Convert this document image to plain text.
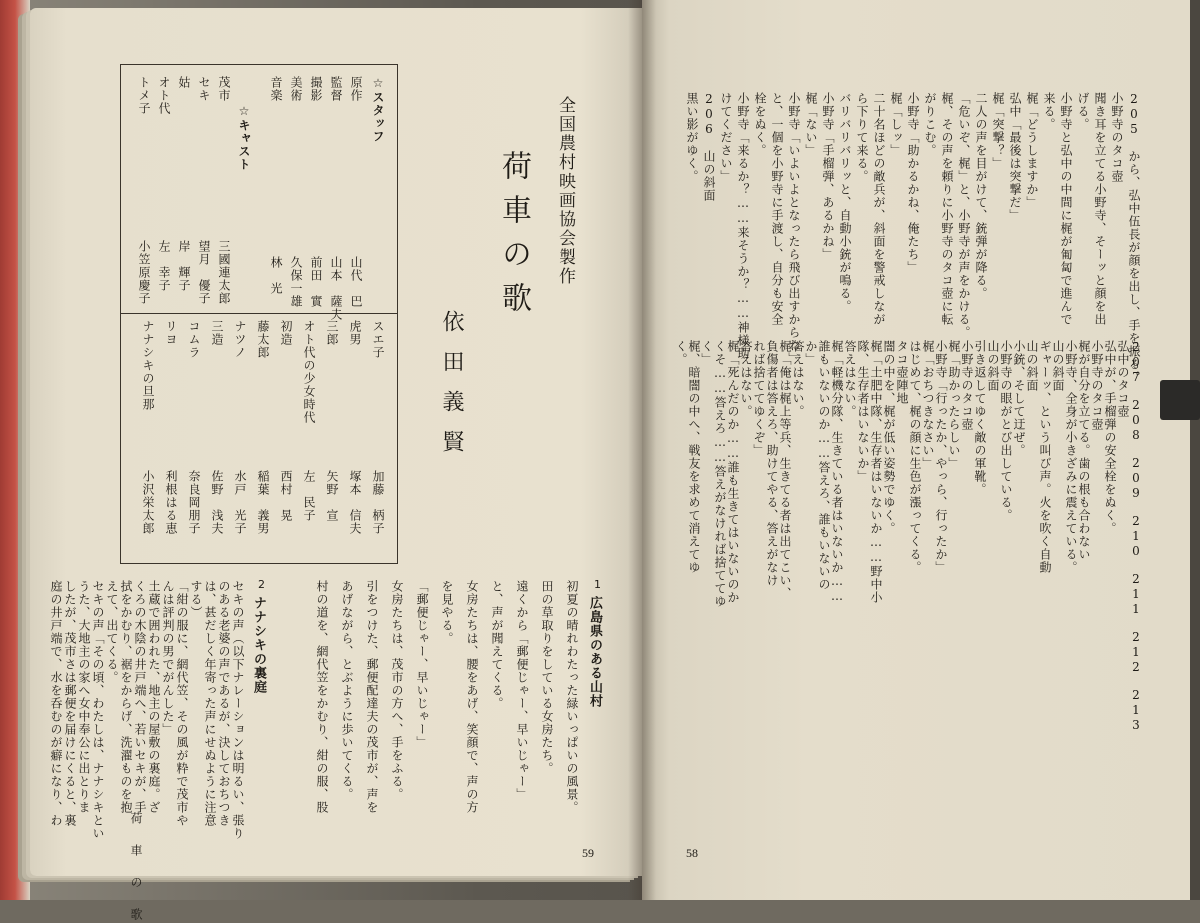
全国農村映画協会製作
荷車の歌
依田義賢
☆スタッフ
原作
山代　巴
監督
山本　薩夫
撮影
前田　實
美術
久保一雄
音楽
林　光
☆キャスト
茂市
三國連太郎
セキ
望月　優子
姑
岸　輝子
オト代
左　幸子
トメ子
小笠原慶子
スエ子
加藤　柄子
虎男
塚本　信夫
三郎
矢野　宣
オト代の少女時代
左　民子
初造
西村　晃
藤太郎
稲葉　義男
ナツノ
水戸　光子
三造
佐野　浅夫
コムラ
奈良岡朋子
リヨ
利根はる恵
ナナシキの旦那
小沢栄太郎
1
広島県のある山村
初夏の晴れわたった緑いっぱいの風景。
田の草取りをしている女房たち。
遠くから「郵便じゃー、早いじゃー」
と、声が聞えてくる。
女房たちは、腰をあげ、笑顔で、声の方
を見やる。
「郵便じゃー、早いじゃー」
女房たちは、茂市の方へ、手をふる。
引をつけた、郵便配達夫の茂市が、声を
あげながら、とぶように歩いてくる。
村の道を、網代笠をかむり、紺の服、股
2
ナナシキの裏庭
セキの声（以下ナレーションは明るい、張り
のある老婆の声であるが、決しておちつき
は、甚だしく年寄った声にせぬように注意
する）
「紺の服に、網代笠、その風が粋で茂市や
んは評判の男でがんした」
土蔵で囲われた、地主の屋敷の裏庭。ざ
くろの木陰の井戸端へ、若いセキが、手
拭をかむり、裾をからげ、洗濯ものを抱
えて、出てくる。
セキの声「その頃、わたしは、ナナシキとい
うた、大地主の家へ女中奉公に出とりま
したが、茂市さは郵便を届けにくると、裏
庭の井戸端で、水を呑むのが癖になり、わ
荷 車 の 歌	59
205　から、弘中伍長が顔を出し、手を振る。
小野寺のタコ壺
聞き耳を立てる小野寺、そーッと顔を出
げる。
小野寺と弘中の中間に梶が匍匐で進んで
来る。
梶「どうしますか」
弘中「最後は突撃だ」
梶「突撃？」
二人の声を目がけて、銃弾が降る。
「危いぞ、梶」と、小野寺が声をかける。
梶、その声を頼りに小野寺のタコ壺に転
がりこむ。
小野寺「助かるかね、俺たち」
梶「しッ」
二十名ほどの敵兵が、斜面を警戒しなが
ら下りて来る。
バリバリバリッと、自動小銃が鳴る。
小野寺「手榴弾、あるかね」
梶「ない」
小野寺「いよいよとなったら飛び出すからね」
と、一個を小野寺に手渡し、自分も安全
栓をぬく。
小野寺「来るか？……来そうか？……神様助
けてください」
206　山の斜面
黒い影がゆく。
207　208　209　210　211　212　213
弘中のタコ壺
弘中が、手榴弾の安全栓をぬく。
小野寺のタコ壺
梶が自分を立てる。歯の根も合わない
小野寺、全身が小きざみに震えている。
山の斜面
ギャーッ、という叫び声。火を吹く自動
山の斜面
小銃、そして迂ぜ。
小野寺の眼がとび出している。
山の斜面
引き返してゆく敵の軍靴。
小野寺のタコ壺
梶「助かったらしい」
小野寺「行ったか、やっら、行ったか」
梶「おちつきなさい」
はじめて、梶の顔に生色が漲ってくる。
タコ壺陣地
闇の中を、梶が低い姿勢でゆく。
梶「土肥中隊、生存者はいないか……野中小
隊、生存者はいないか」
答えはない。
梶「軽機分隊、生きている者はいないか……
誰もいないのか……答えろ、誰もいないの
か」
答えはない。
梶「俺は梶上等兵、生きてる者は出てこい、
負傷者は答えろ、助けてやる、答えがなけ
れば捨ててゆくぞ」
答えはない。
梶「死んだのか……誰も生きてはいないのか
くそ……答えろ……答えがなければ捨ててゆ
く」
梶、暗闇の中へ、戦友を求めて消えてゆ
く。
58
